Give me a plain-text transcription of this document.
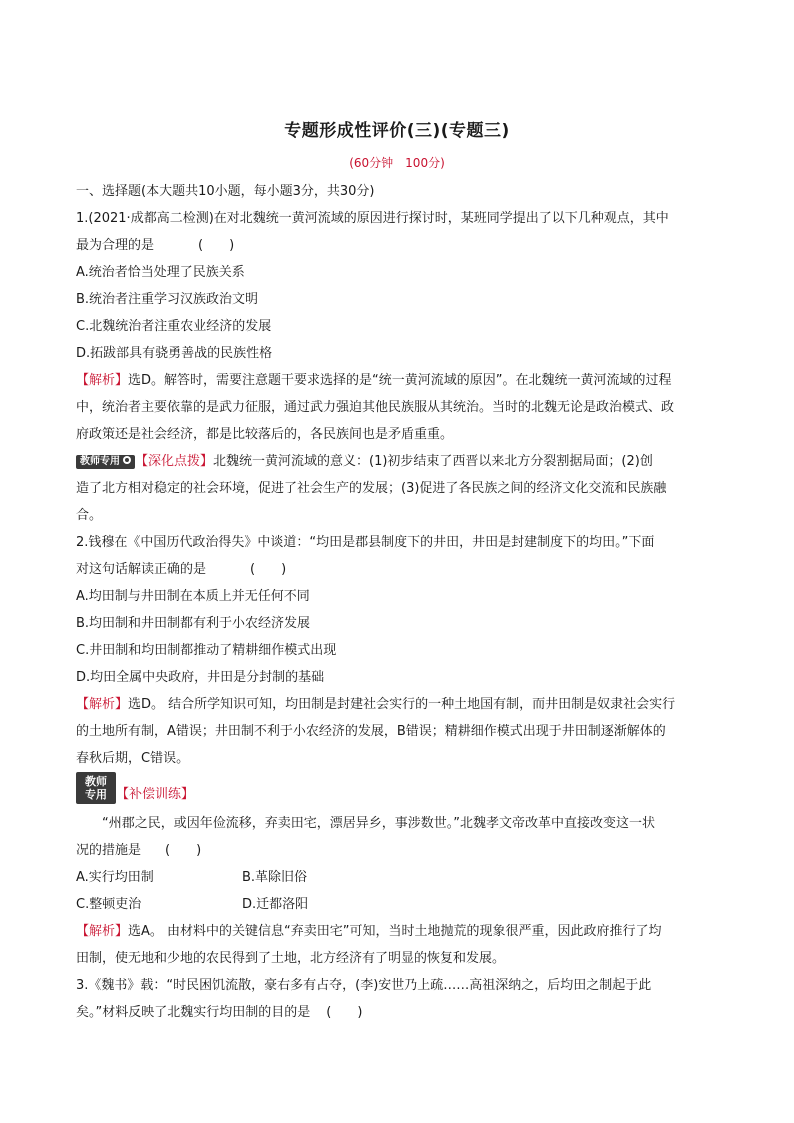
专题形成性评价(三)(专题三)
(60分钟　100分)

一、选择题(本大题共10小题，每小题3分，共30分)

1.(2021·成都高二检测)在对北魏统一黄河流域的原因进行探讨时，某班同学提出了以下几种观点，其中

最为合理的是	(　　)

A.统治者恰当处理了民族关系

B.统治者注重学习汉族政治文明

C.北魏统治者注重农业经济的发展

D.拓跋部具有骁勇善战的民族性格

【解析】选D。解答时，需要注意题干要求选择的是“统一黄河流域的原因”。在北魏统一黄河流域的过程

中，统治者主要依靠的是武力征服，通过武力强迫其他民族服从其统治。当时的北魏无论是政治模式、政

府政策还是社会经济，都是比较落后的，各民族间也是矛盾重重。

教师专用 【深化点拨】北魏统一黄河流域的意义：(1)初步结束了西晋以来北方分裂割据局面；(2)创

造了北方相对稳定的社会环境，促进了社会生产的发展；(3)促进了各民族之间的经济文化交流和民族融

合。

2.钱穆在《中国历代政治得失》中谈道：“均田是郡县制度下的井田，井田是封建制度下的均田。”下面

对这句话解读正确的是	(　　)

A.均田制与井田制在本质上并无任何不同

B.均田制和井田制都有利于小农经济发展

C.井田制和均田制都推动了精耕细作模式出现

D.均田全属中央政府，井田是分封制的基础

【解析】选D。 结合所学知识可知，均田制是封建社会实行的一种土地国有制，而井田制是奴隶社会实行

的土地所有制，A错误；井田制不利于小农经济的发展，B错误；精耕细作模式出现于井田制逐渐解体的

春秋后期，C错误。

教师
专用 【补偿训练】

“州郡之民，或因年俭流移，弃卖田宅，漂居异乡，事涉数世。”北魏孝文帝改革中直接改变这一状

况的措施是 (　　)

A.实行均田制	B.革除旧俗

C.整顿吏治	D.迁都洛阳

【解析】选A。 由材料中的关键信息“弃卖田宅”可知，当时土地抛荒的现象很严重，因此政府推行了均

田制，使无地和少地的农民得到了土地，北方经济有了明显的恢复和发展。

3.《魏书》载：“时民困饥流散，豪右多有占夺，(李)安世乃上疏……高祖深纳之，后均田之制起于此

矣。”材料反映了北魏实行均田制的目的是 (　　)
